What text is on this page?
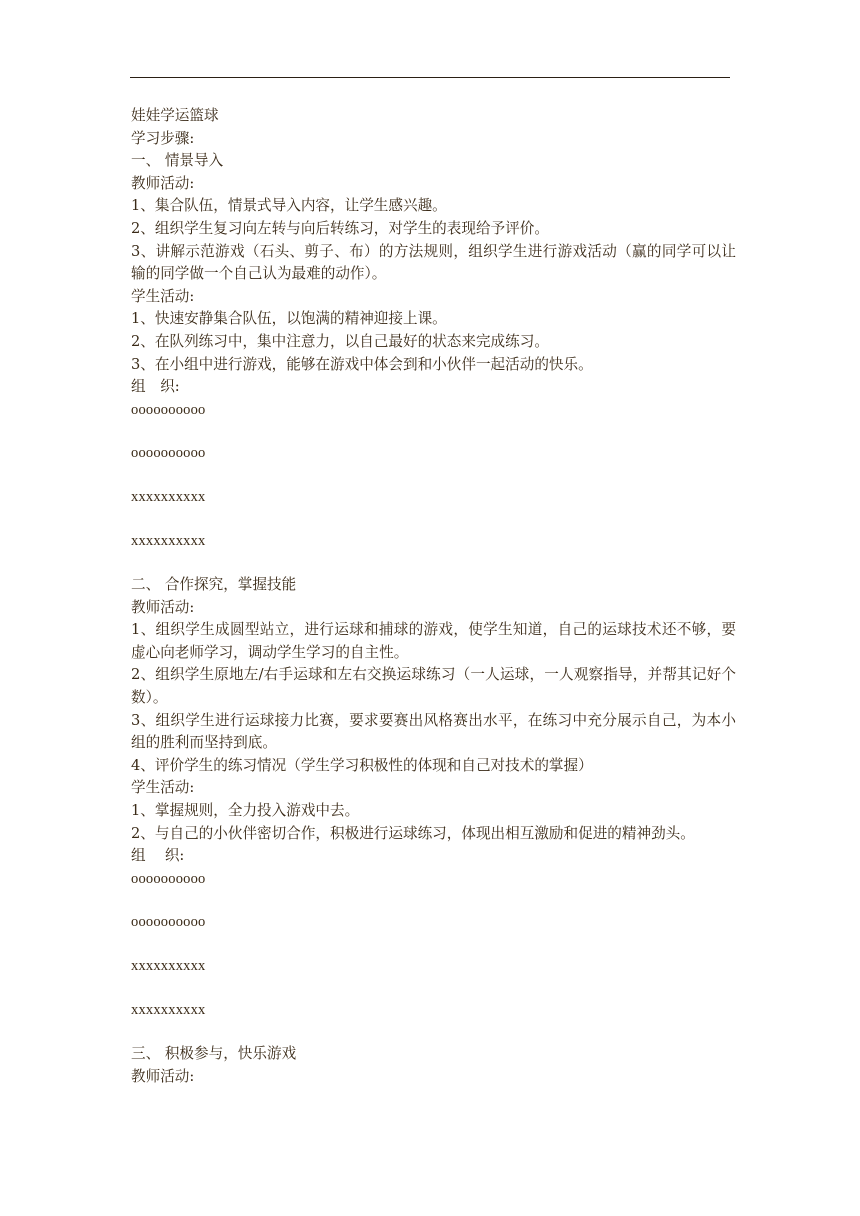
娃娃学运篮球
学习步骤:
一、 情景导入
教师活动:
1、集合队伍，情景式导入内容，让学生感兴趣。
2、组织学生复习向左转与向后转练习，对学生的表现给予评价。
3、讲解示范游戏（石头、剪子、布）的方法规则，组织学生进行游戏活动（赢的同学可以让输的同学做一个自己认为最难的动作）。
学生活动:
1、快速安静集合队伍，以饱满的精神迎接上课。
2、在队列练习中，集中注意力，以自己最好的状态来完成练习。
3、在小组中进行游戏，能够在游戏中体会到和小伙伴一起活动的快乐。
组　织:
oooooooooo
oooooooooo
xxxxxxxxxx
xxxxxxxxxx
二、 合作探究，掌握技能
教师活动:
1、组织学生成圆型站立，进行运球和捕球的游戏，使学生知道，自己的运球技术还不够，要虚心向老师学习，调动学生学习的自主性。
2、组织学生原地左/右手运球和左右交换运球练习（一人运球，一人观察指导，并帮其记好个数）。
3、组织学生进行运球接力比赛，要求要赛出风格赛出水平，在练习中充分展示自己，为本小组的胜利而坚持到底。
4、评价学生的练习情况（学生学习积极性的体现和自己对技术的掌握）
学生活动:
1、掌握规则，全力投入游戏中去。
2、与自己的小伙伴密切合作，积极进行运球练习，体现出相互激励和促进的精神劲头。
组　 织:
oooooooooo
oooooooooo
xxxxxxxxxx
xxxxxxxxxx
三、 积极参与，快乐游戏
教师活动:
